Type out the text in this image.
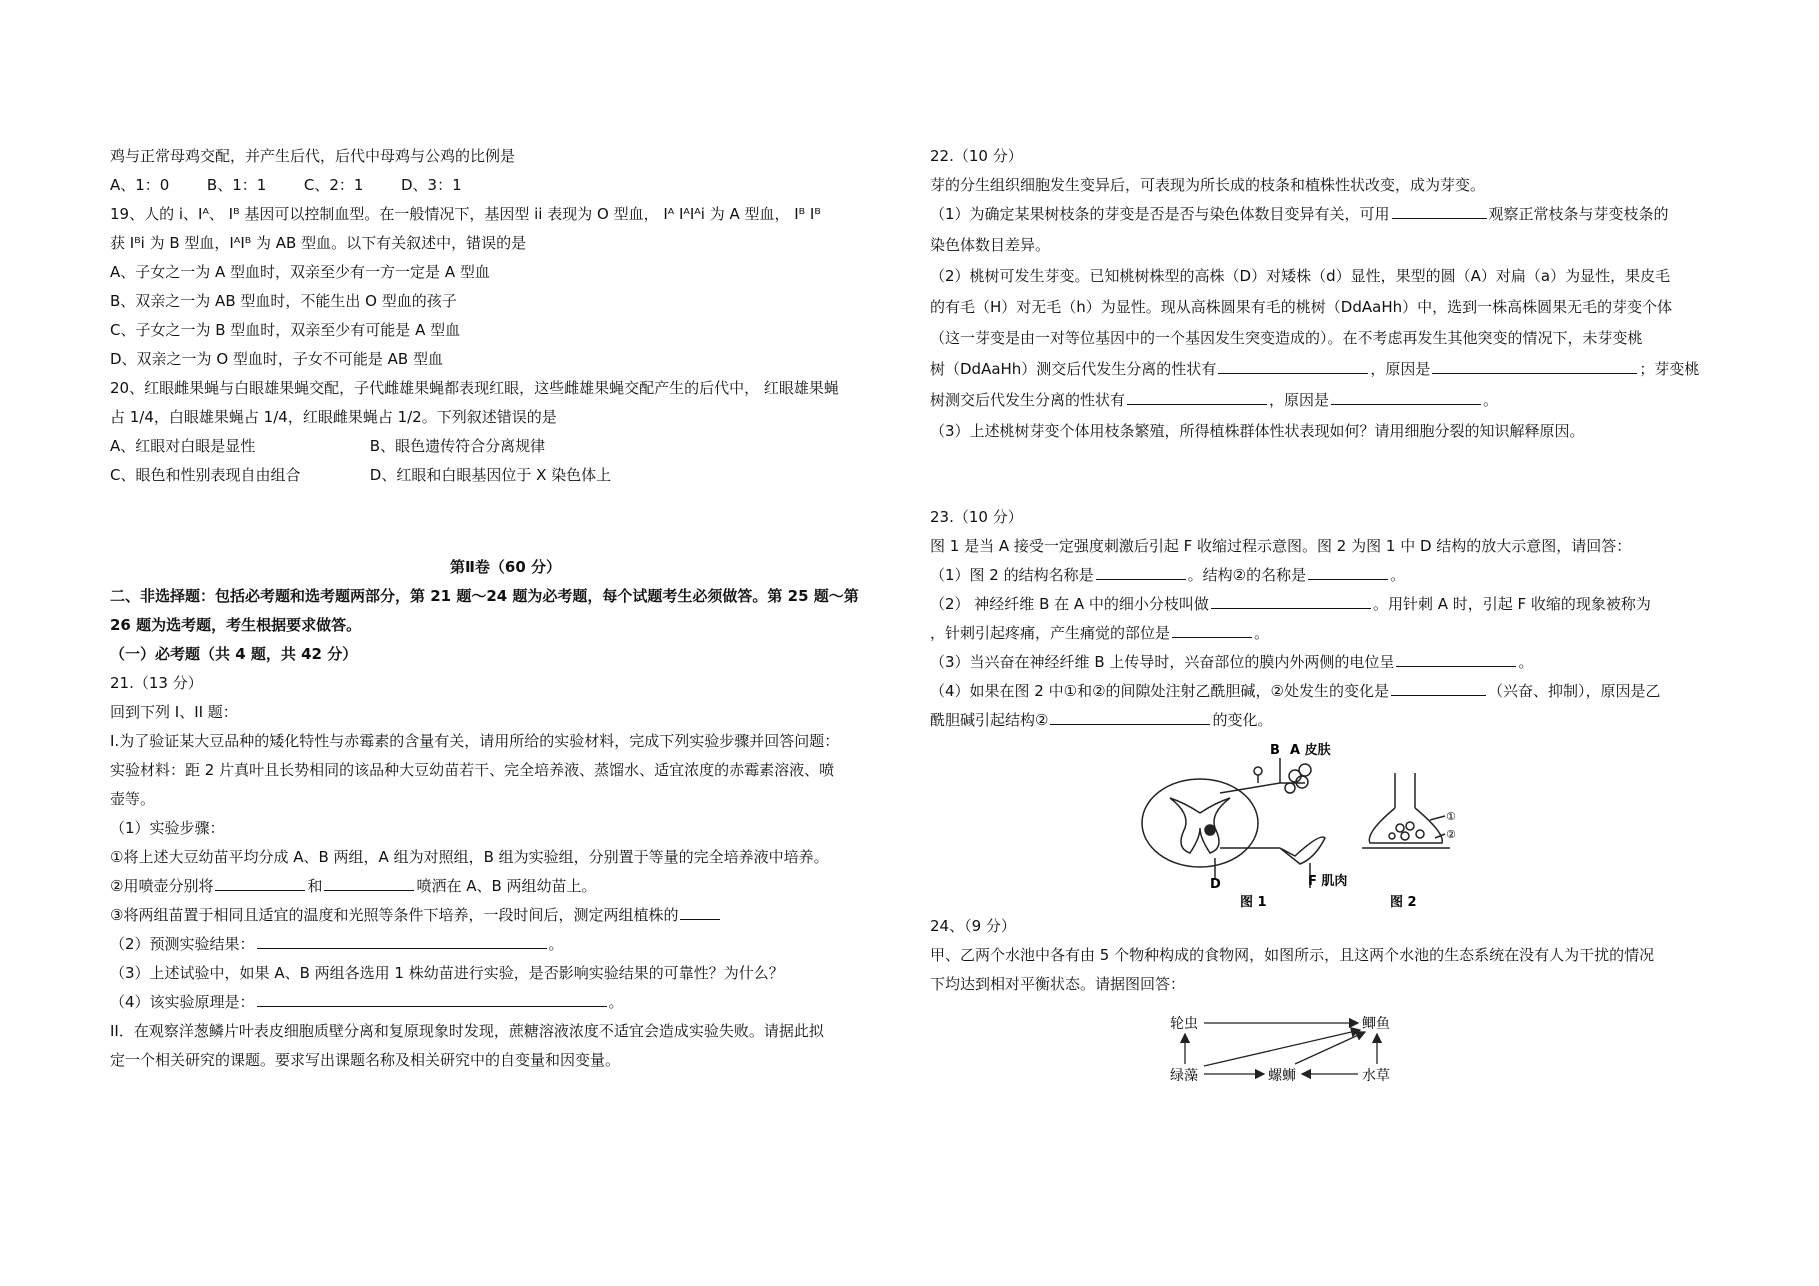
鸡与正常母鸡交配，并产生后代，后代中母鸡与公鸡的比例是
A、1：0	B、1：1	C、2：1	D、3：1
19、人的 i、Iᴬ、 Iᴮ 基因可以控制血型。在一般情况下，基因型 ii 表现为 O 型血， Iᴬ IᴬIᴬi 为 A 型血， Iᴮ Iᴮ
获 Iᴮi 为 B 型血，IᴬIᴮ 为 AB 型血。以下有关叙述中，错误的是
A、子女之一为 A 型血时，双亲至少有一方一定是 A 型血
B、双亲之一为 AB 型血时，不能生出 O 型血的孩子
C、子女之一为 B 型血时，双亲至少有可能是 A 型血
D、双亲之一为 O 型血时，子女不可能是 AB 型血
20、红眼雌果蝇与白眼雄果蝇交配，子代雌雄果蝇都表现红眼，这些雌雄果蝇交配产生的后代中， 红眼雄果蝇
占 1/4，白眼雄果蝇占 1/4，红眼雌果蝇占 1/2。下列叙述错误的是
A、红眼对白眼是显性	B、眼色遗传符合分离规律
C、眼色和性别表现自由组合	D、红眼和白眼基因位于 X 染色体上
第Ⅱ卷（60 分）
二、非选择题：包括必考题和选考题两部分，第 21 题～24 题为必考题，每个试题考生必须做答。第 25 题～第
26 题为选考题，考生根据要求做答。
（一）必考题（共 4 题，共 42 分）
21.（13 分）
回到下列 I、II 题：
I.为了验证某大豆品种的矮化特性与赤霉素的含量有关，请用所给的实验材料，完成下列实验步骤并回答问题：
实验材料：距 2 片真叶且长势相同的该品种大豆幼苗若干、完全培养液、蒸馏水、适宜浓度的赤霉素溶液、喷
壶等。
（1）实验步骤：
①将上述大豆幼苗平均分成 A、B 两组，A 组为对照组，B 组为实验组，分别置于等量的完全培养液中培养。
②用喷壶分别将	和	喷洒在 A、B 两组幼苗上。
③将两组苗置于相同且适宜的温度和光照等条件下培养，一段时间后，测定两组植株的
（2）预测实验结果：	。
（3）上述试验中，如果 A、B 两组各选用 1 株幼苗进行实验，是否影响实验结果的可靠性？为什么？
（4）该实验原理是：	。
II．在观察洋葱鳞片叶表皮细胞质壁分离和复原现象时发现，蔗糖溶液浓度不适宜会造成实验失败。请据此拟
定一个相关研究的课题。要求写出课题名称及相关研究中的自变量和因变量。
22.（10 分）
芽的分生组织细胞发生变异后，可表现为所长成的枝条和植株性状改变，成为芽变。
（1）为确定某果树枝条的芽变是否是否与染色体数目变异有关，可用	观察正常枝条与芽变枝条的
染色体数目差异。
（2）桃树可发生芽变。已知桃树株型的高株（D）对矮株（d）显性，果型的圆（A）对扁（a）为显性，果皮毛
的有毛（H）对无毛（h）为显性。现从高株圆果有毛的桃树（DdAaHh）中，选到一株高株圆果无毛的芽变个体
（这一芽变是由一对等位基因中的一个基因发生突变造成的）。在不考虑再发生其他突变的情况下，未芽变桃
树（DdAaHh）测交后代发生分离的性状有	，原因是	；芽变桃
树测交后代发生分离的性状有	，原因是	。
（3）上述桃树芽变个体用枝条繁殖，所得植株群体性状表现如何？请用细胞分裂的知识解释原因。
23.（10 分）
图 1 是当 A 接受一定强度刺激后引起 F 收缩过程示意图。图 2 为图 1 中 D 结构的放大示意图，请回答：
（1）图 2 的结构名称是	。结构②的名称是	。
（2） 神经纤维 B 在 A 中的细小分枝叫做	。用针刺 A 时，引起 F 收缩的现象被称为
，针刺引起疼痛，产生痛觉的部位是	。
（3）当兴奋在神经纤维 B 上传导时，兴奋部位的膜内外两侧的电位呈	。
（4）如果在图 2 中①和②的间隙处注射乙酰胆碱，②处发生的变化是	（兴奋、抑制），原因是乙
酰胆碱引起结构②	的变化。
B A 皮肤
D	F 肌肉
图 1
①
②
图 2
24、（9 分）
甲、乙两个水池中各有由 5 个物种构成的食物网，如图所示，且这两个水池的生态系统在没有人为干扰的情况
下均达到相对平衡状态。请据图回答：
轮虫	鲫鱼
绿藻	螺蛳	水草
